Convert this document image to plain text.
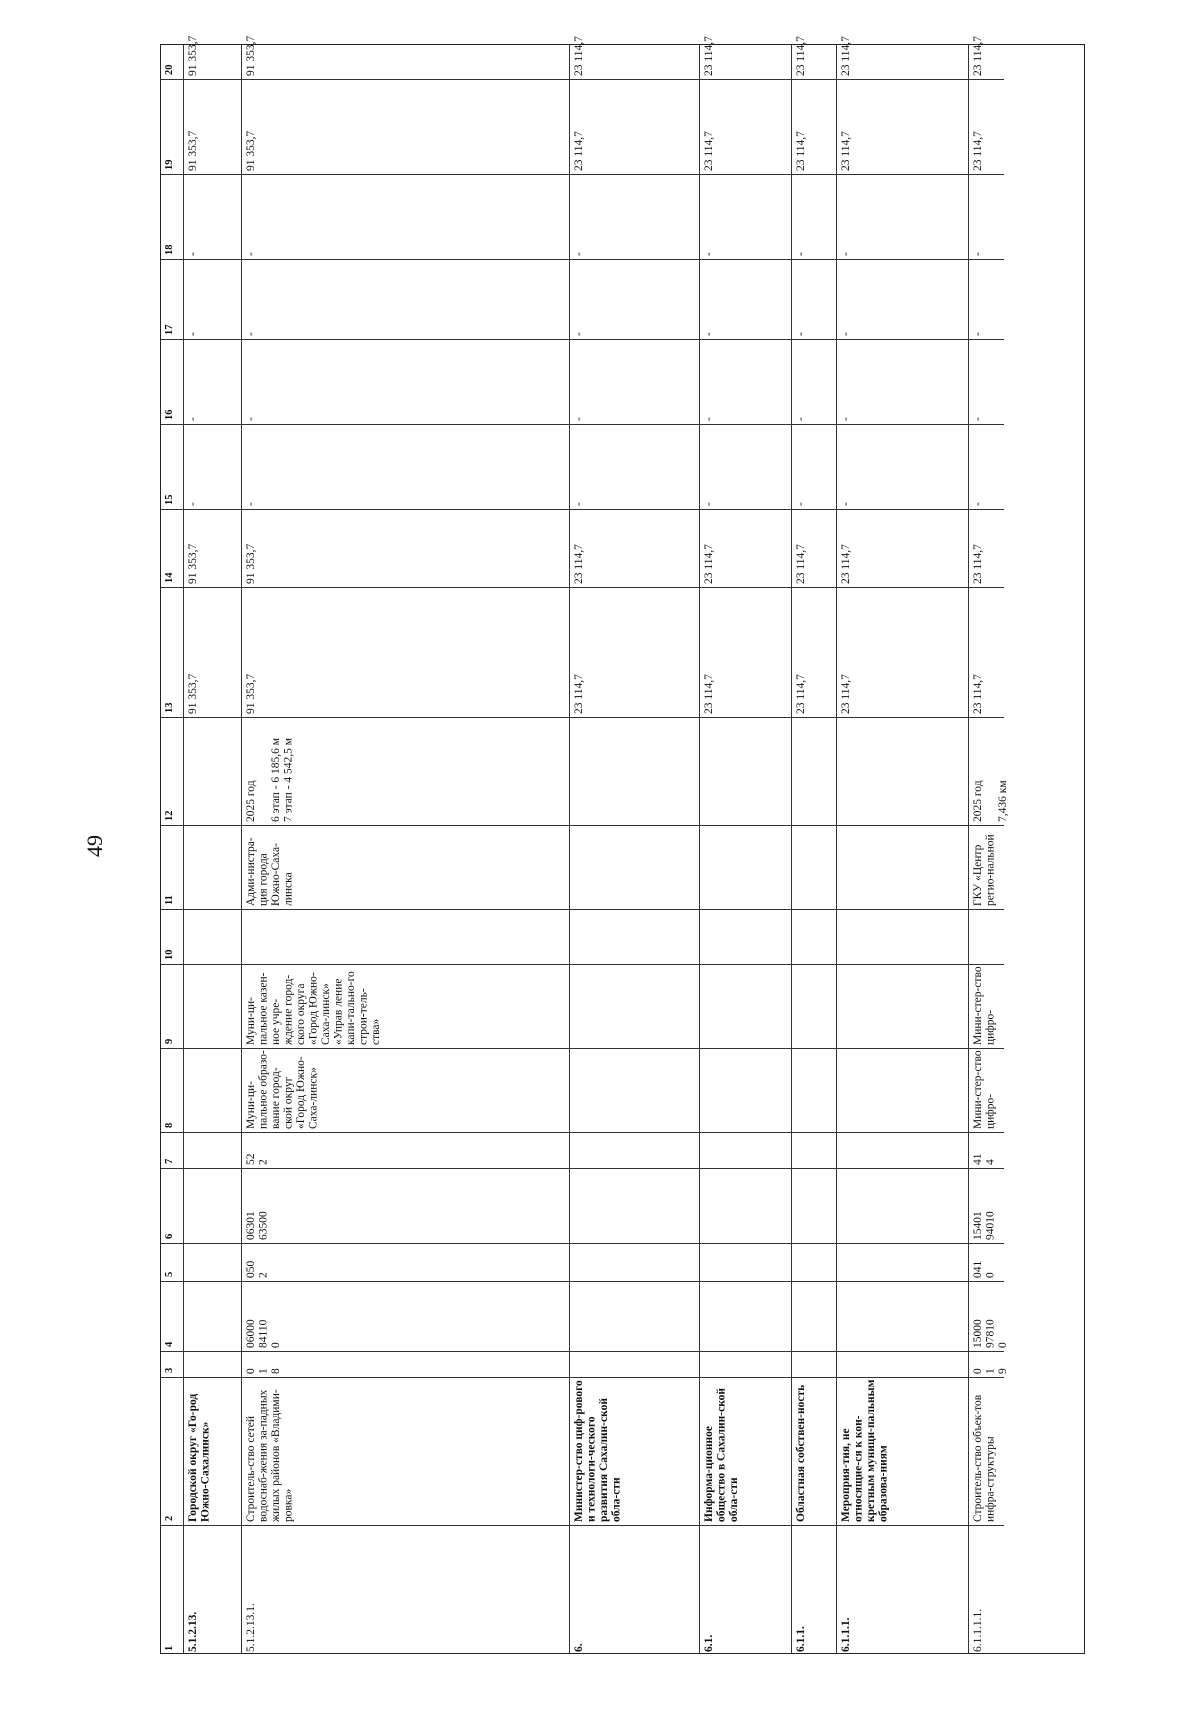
49
1
2
3
4
5
6
7
8
9
10
11
12
13
14
15
16
17
18
19
20
5.1.2.13.
Городской округ «Го-род Южно-Сахалинск»
91 353,7
91 353,7
-
-
-
-
91 353,7
91 353,7
5.1.2.13.1.
Строитель-ство сетей водоснаб-жения за-падных жилых районов «Владими-ровка»
0
1
8
06000
84110
0
050
2
06301
63500
52
2
Муни-ци-пальное образо-вание город-ской округ «Город Южно-Саха-линск»
Муни-ци-пальное казен-ное учре-ждение город-ского округа «Город Южно-Саха-линск» «Управ ление капи-тально-го строи-тель-ства»
Адми-нистра-ция города Южно-Саха-линска
2025 год

6 этап - 6 185,6 м
7 этап - 4 542,5 м
91 353,7
91 353,7
-
-
-
-
91 353,7
91 353,7
6.
Министер-ство циф-рового и технологи-ческого развития Сахалин-ской обла-сти
23 114,7
23 114,7
-
-
-
-
23 114,7
23 114,7
6.1.
Информа-ционное общество в Сахалин-ской обла-сти
23 114,7
23 114,7
-
-
-
-
23 114,7
23 114,7
6.1.1.
Областная собствен-ность
23 114,7
23 114,7
-
-
-
-
23 114,7
23 114,7
6.1.1.1.
Мероприя-тия, не относящие-ся к кон-кретным муници-пальным образова-ниям
23 114,7
23 114,7
-
-
-
-
23 114,7
23 114,7
6.1.1.1.1.
Строитель-ство объек-тов инфра-структуры
0
1
9
15000
97810
0
041
0
15401
94010
41
4
Мини-стер-ство цифро-
Мини-стер-ство цифро-
ГКУ «Центр регио-нальной
2025 год

7,436 км
23 114,7
23 114,7
-
-
-
-
23 114,7
23 114,7
